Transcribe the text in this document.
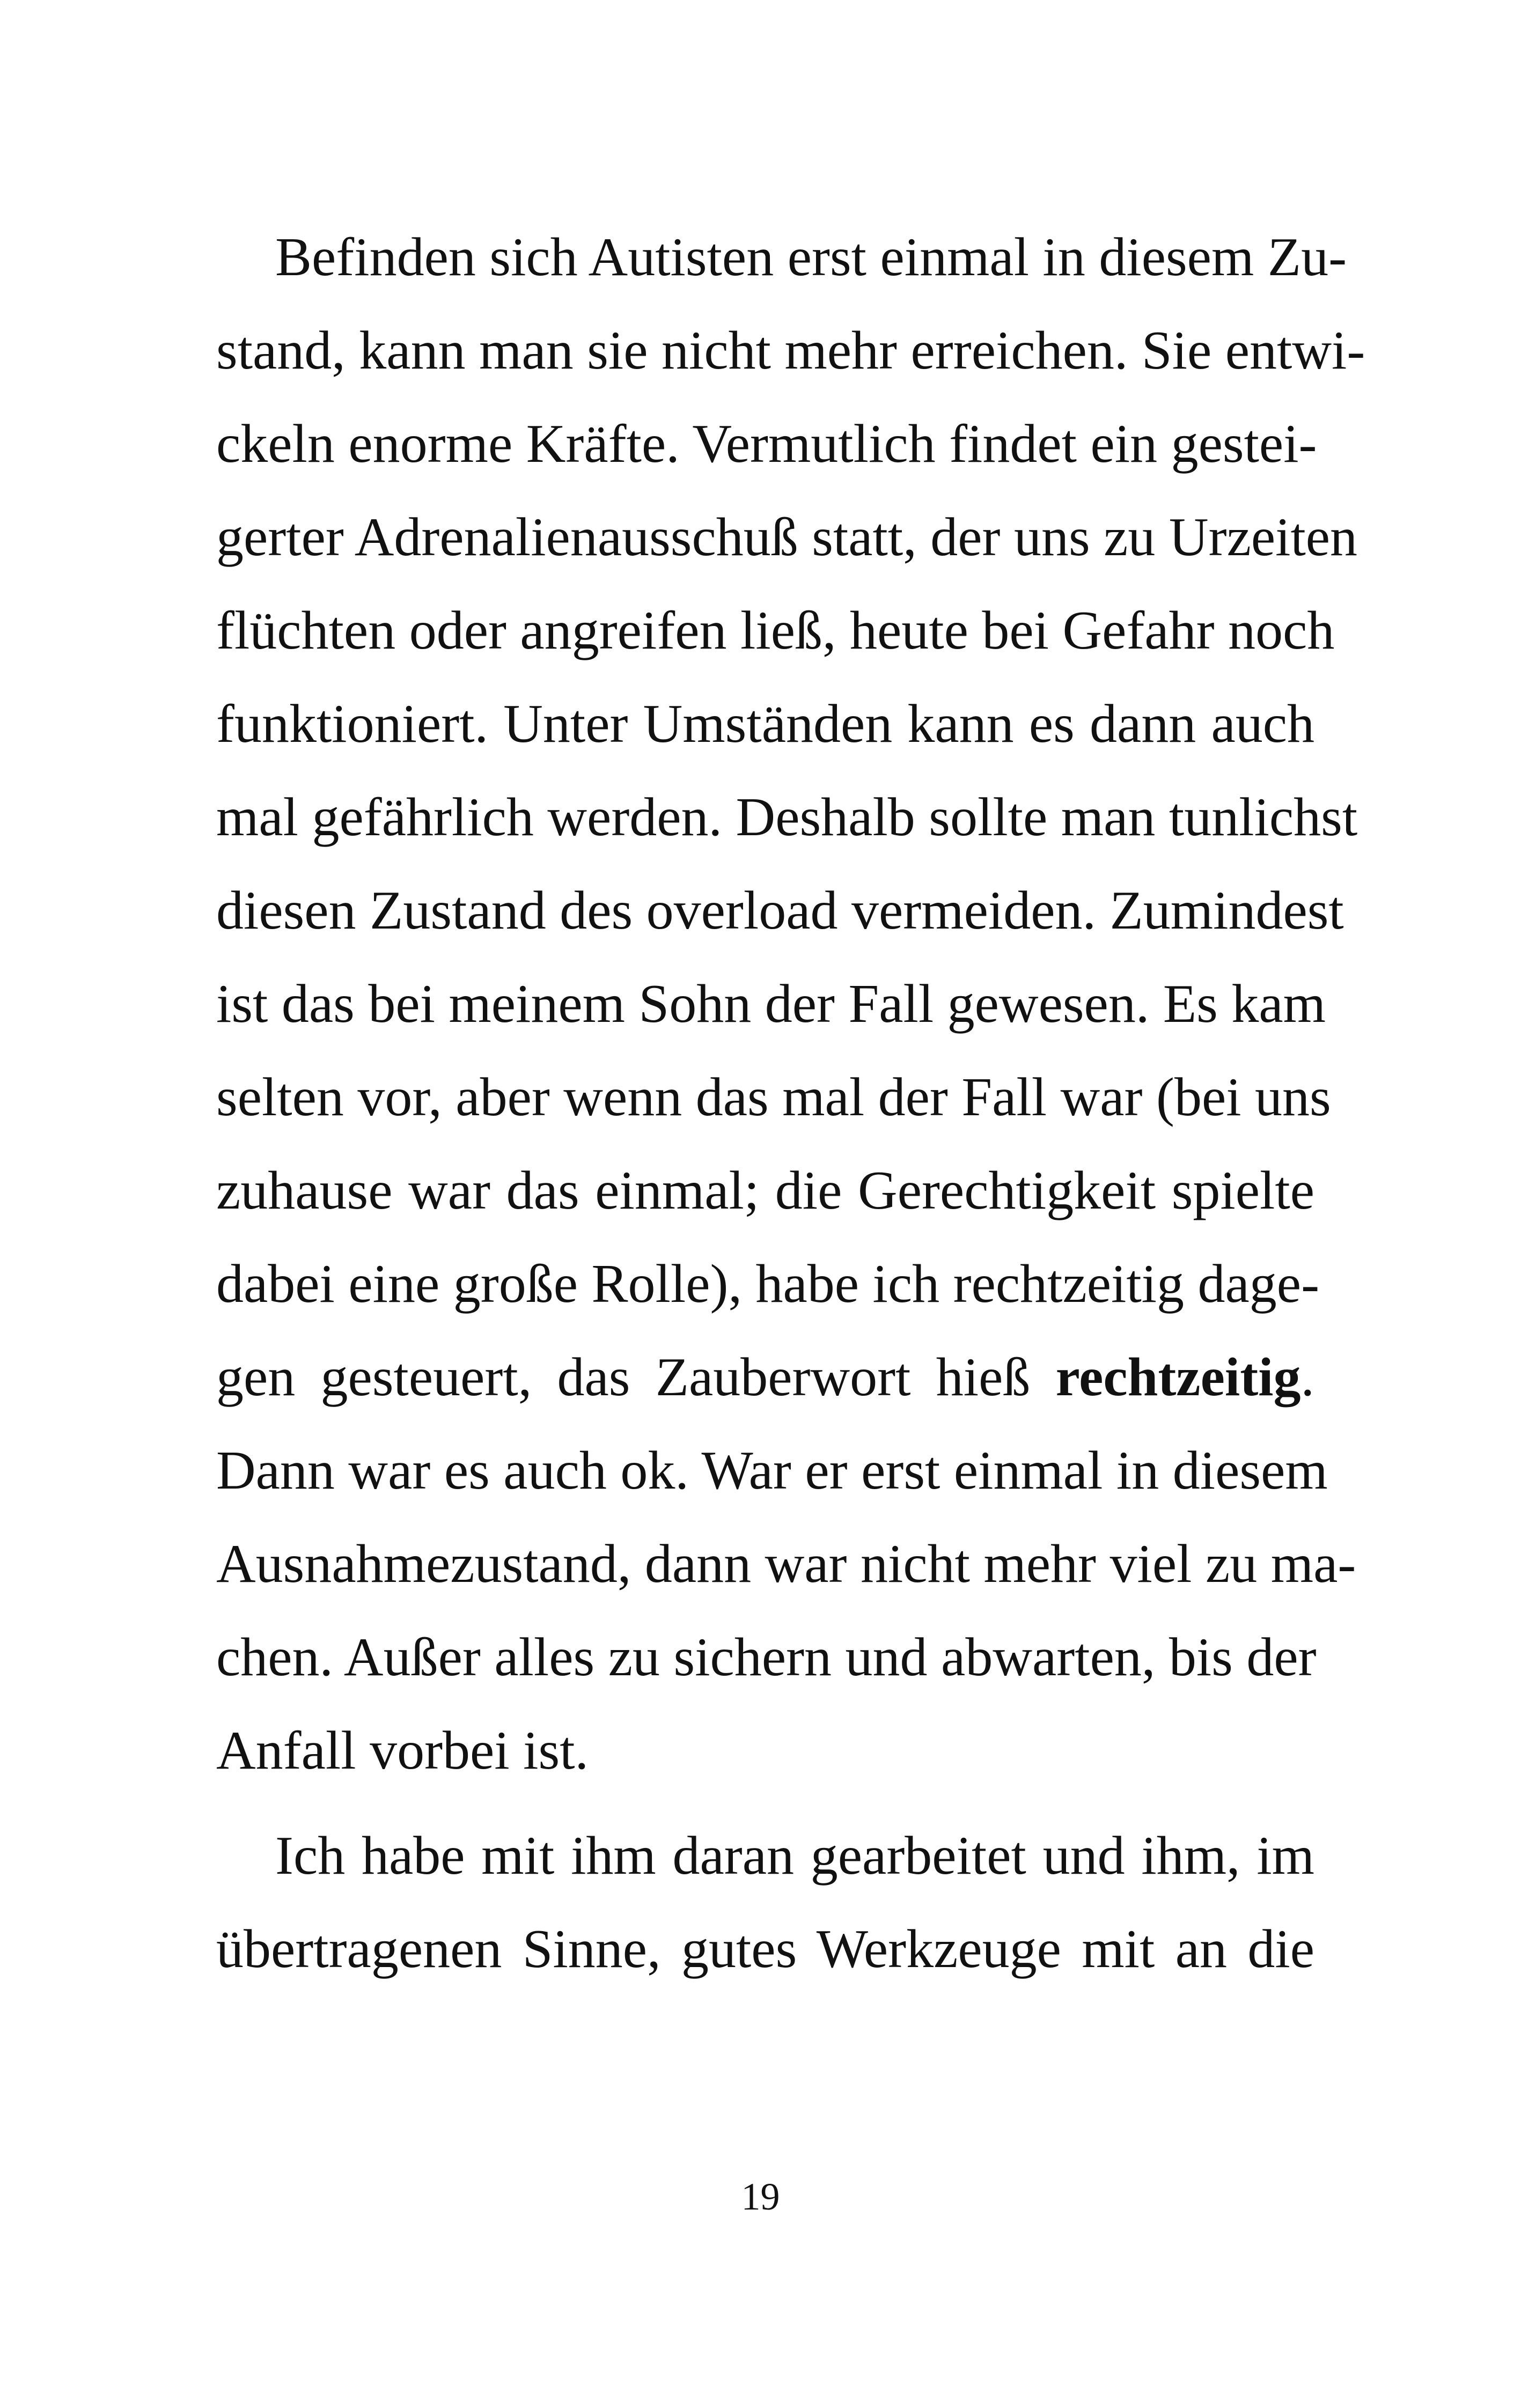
Befinden sich Autisten erst einmal in diesem Zu-
stand, kann man sie nicht mehr erreichen. Sie entwi-
ckeln enorme Kräfte. Vermutlich findet ein gestei-
gerter Adrenalienausschuß statt, der uns zu Urzeiten
flüchten oder angreifen ließ, heute bei Gefahr noch
funktioniert. Unter Umständen kann es dann auch
mal gefährlich werden. Deshalb sollte man tunlichst
diesen Zustand des overload vermeiden. Zumindest
ist das bei meinem Sohn der Fall gewesen. Es kam
selten vor, aber wenn das mal der Fall war (bei uns
zuhause war das einmal; die Gerechtigkeit spielte
dabei eine große Rolle), habe ich rechtzeitig dage-
gen gesteuert, das Zauberwort hieß rechtzeitig.
Dann war es auch ok. War er erst einmal in diesem
Ausnahmezustand, dann war nicht mehr viel zu ma-
chen. Außer alles zu sichern und abwarten, bis der
Anfall vorbei ist.
Ich habe mit ihm daran gearbeitet und ihm, im
übertragenen Sinne, gutes Werkzeuge mit an die
19
